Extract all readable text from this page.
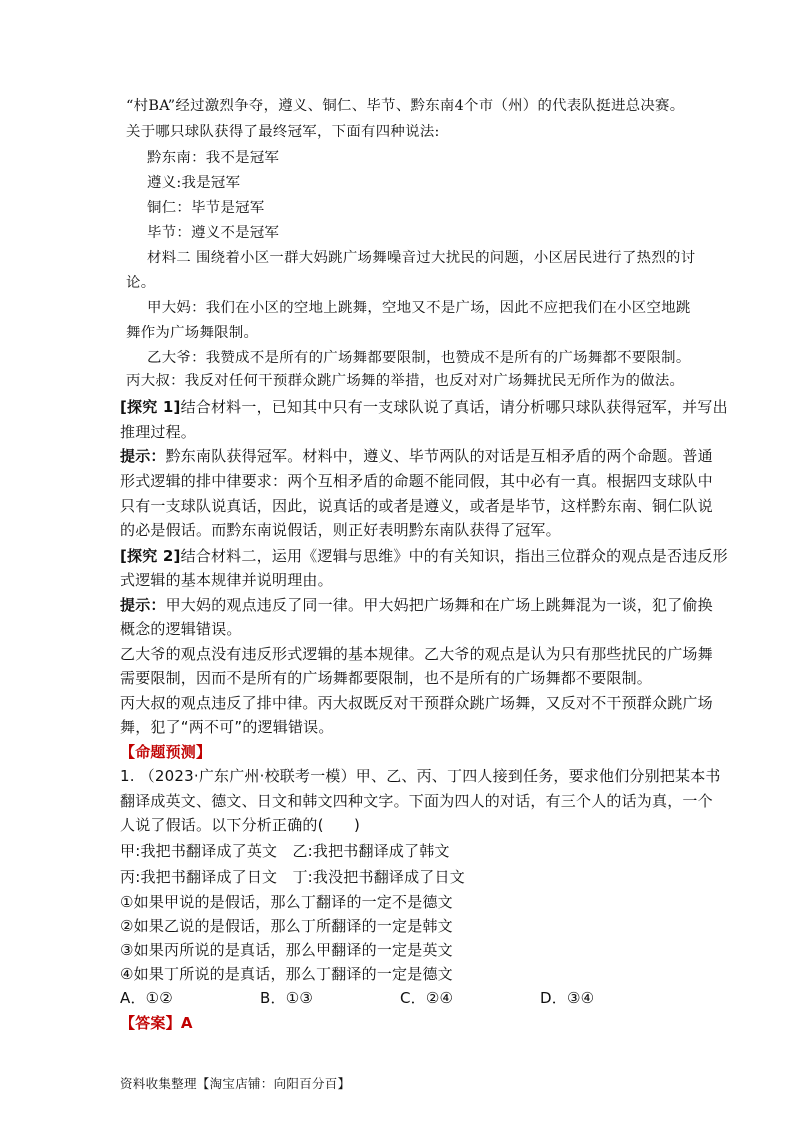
“村BA”经过激烈争夺，遵义、铜仁、毕节、黔东南4个市（州）的代表队挺进总决赛。
关于哪只球队获得了最终冠军，下面有四种说法:
黔东南：我不是冠军
遵义:我是冠军
铜仁：毕节是冠军
毕节：遵义不是冠军
材料二 围绕着小区一群大妈跳广场舞噪音过大扰民的问题，小区居民进行了热烈的讨
论。
甲大妈：我们在小区的空地上跳舞，空地又不是广场，因此不应把我们在小区空地跳
舞作为广场舞限制。
乙大爷：我赞成不是所有的广场舞都要限制，也赞成不是所有的广场舞都不要限制。
丙大叔：我反对任何干预群众跳广场舞的举措，也反对对广场舞扰民无所作为的做法。
[探究 1]结合材料一，已知其中只有一支球队说了真话，请分析哪只球队获得冠军，并写出
推理过程。
提示：黔东南队获得冠军。材料中，遵义、毕节两队的对话是互相矛盾的两个命题。普通
形式逻辑的排中律要求：两个互相矛盾的命题不能同假，其中必有一真。根据四支球队中
只有一支球队说真话，因此，说真话的或者是遵义，或者是毕节，这样黔东南、铜仁队说
的必是假话。而黔东南说假话，则正好表明黔东南队获得了冠军。
[探究 2]结合材料二，运用《逻辑与思维》中的有关知识，指出三位群众的观点是否违反形
式逻辑的基本规律并说明理由。
提示：甲大妈的观点违反了同一律。甲大妈把广场舞和在广场上跳舞混为一谈，犯了偷换
概念的逻辑错误。
乙大爷的观点没有违反形式逻辑的基本规律。乙大爷的观点是认为只有那些扰民的广场舞
需要限制，因而不是所有的广场舞都要限制，也不是所有的广场舞都不要限制。
丙大叔的观点违反了排中律。丙大叔既反对干预群众跳广场舞，又反对不干预群众跳广场
舞，犯了“两不可”的逻辑错误。
【命题预测】
1. （2023·广东广州·校联考一模）甲、乙、丙、丁四人接到任务，要求他们分别把某本书
翻译成英文、德文、日文和韩文四种文字。下面为四人的对话，有三个人的话为真，一个
人说了假话。以下分析正确的(　　)
甲:我把书翻译成了英文　乙:我把书翻译成了韩文
丙:我把书翻译成了日文　丁:我没把书翻译成了日文
①如果甲说的是假话，那么丁翻译的一定不是德文
②如果乙说的是假话，那么丁所翻译的一定是韩文
③如果丙所说的是真话，那么甲翻译的一定是英文
④如果丁所说的是真话，那么丁翻译的一定是德文
A．①②	B．①③	C．②④	D．③④
【答案】A
资料收集整理【淘宝店铺：向阳百分百】
